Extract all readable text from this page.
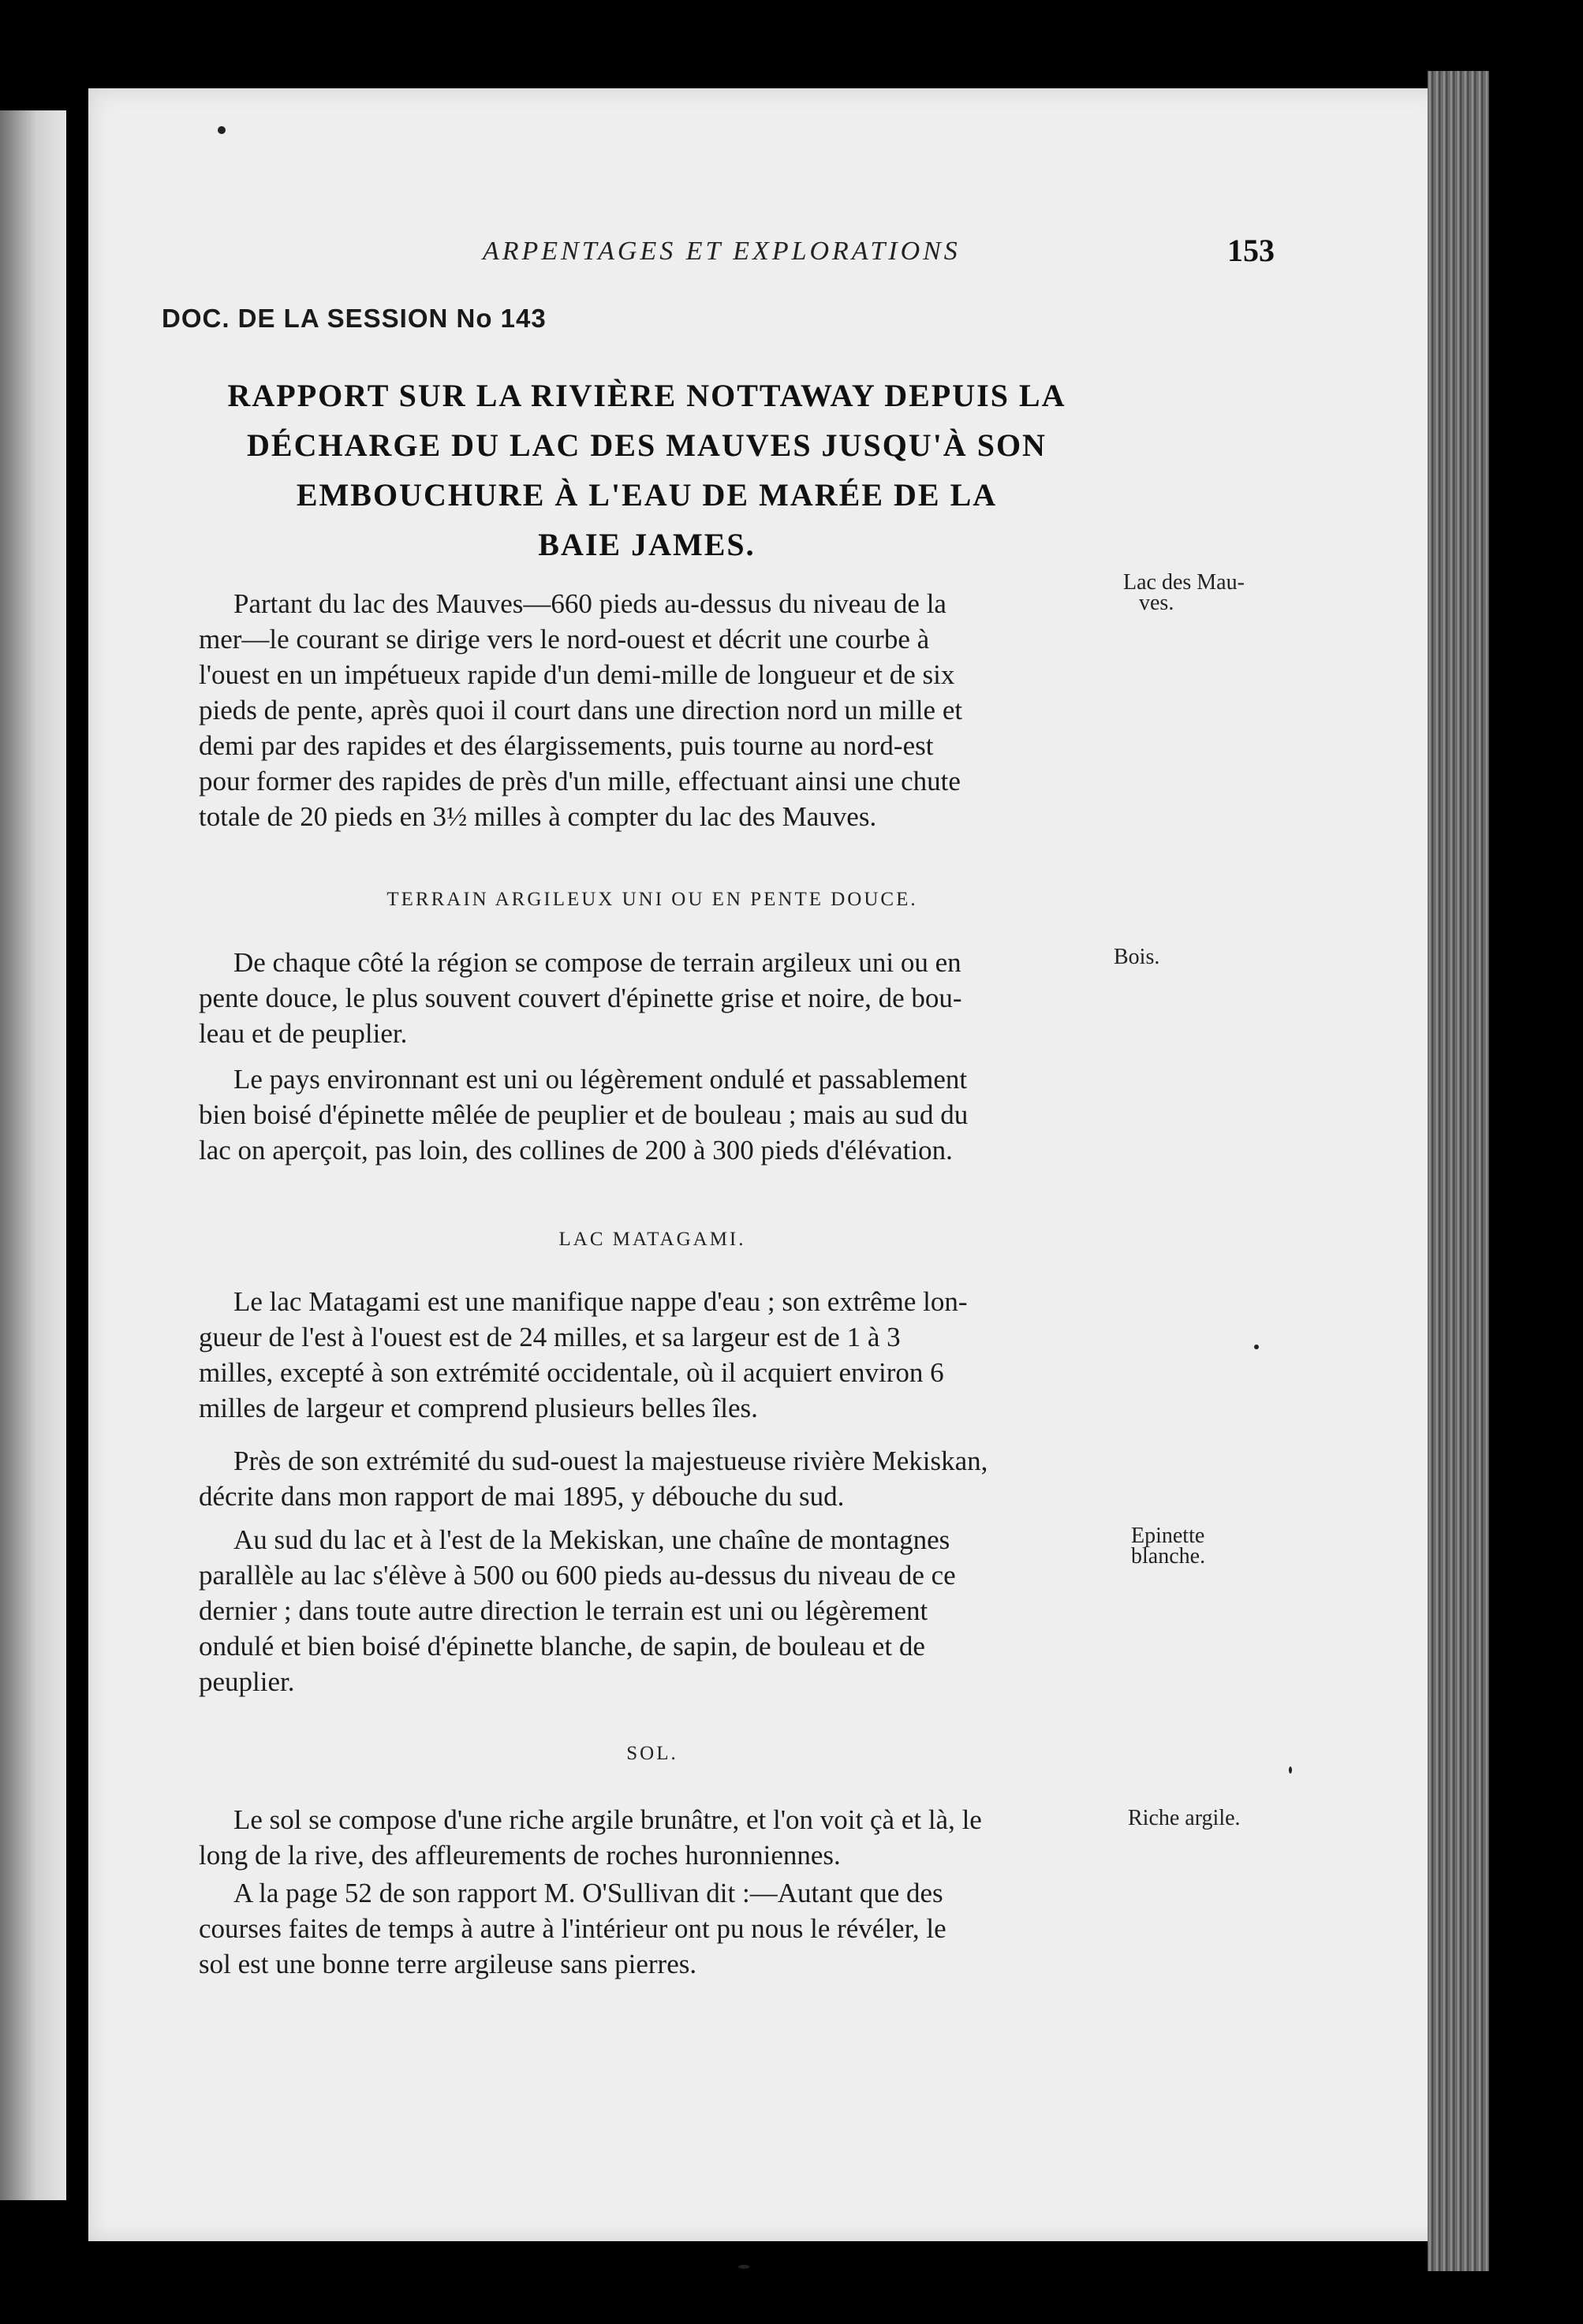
ARPENTAGES ET EXPLORATIONS	153
DOC. DE LA SESSION No 143
RAPPORT SUR LA RIVIÈRE NOTTAWAY DEPUIS LA
DÉCHARGE DU LAC DES MAUVES JUSQU'À SON
EMBOUCHURE À L'EAU DE MARÉE DE LA
BAIE JAMES.
Partant du lac des Mauves—660 pieds au-dessus du niveau de la
mer—le courant se dirige vers le nord-ouest et décrit une courbe à
l'ouest en un impétueux rapide d'un demi-mille de longueur et de six
pieds de pente, après quoi il court dans une direction nord un mille et
demi par des rapides et des élargissements, puis tourne au nord-est
pour former des rapides de près d'un mille, effectuant ainsi une chute
totale de 20 pieds en 3½ milles à compter du lac des Mauves.
Lac des Mau-
ves.
TERRAIN ARGILEUX UNI OU EN PENTE DOUCE.
De chaque côté la région se compose de terrain argileux uni ou en
pente douce, le plus souvent couvert d'épinette grise et noire, de bou-
leau et de peuplier.
Bois.
Le pays environnant est uni ou légèrement ondulé et passablement
bien boisé d'épinette mêlée de peuplier et de bouleau ; mais au sud du
lac on aperçoit, pas loin, des collines de 200 à 300 pieds d'élévation.
LAC MATAGAMI.
Le lac Matagami est une manifique nappe d'eau ; son extrême lon-
gueur de l'est à l'ouest est de 24 milles, et sa largeur est de 1 à 3
milles, excepté à son extrémité occidentale, où il acquiert environ 6
milles de largeur et comprend plusieurs belles îles.
Près de son extrémité du sud-ouest la majestueuse rivière Mekiskan,
décrite dans mon rapport de mai 1895, y débouche du sud.
Au sud du lac et à l'est de la Mekiskan, une chaîne de montagnes
parallèle au lac s'élève à 500 ou 600 pieds au-dessus du niveau de ce
dernier ; dans toute autre direction le terrain est uni ou légèrement
ondulé et bien boisé d'épinette blanche, de sapin, de bouleau et de
peuplier.
Epinette
blanche.
SOL.
Le sol se compose d'une riche argile brunâtre, et l'on voit çà et là, le
long de la rive, des affleurements de roches huronniennes.
Riche argile.
A la page 52 de son rapport M. O'Sullivan dit :—Autant que des
courses faites de temps à autre à l'intérieur ont pu nous le révéler, le
sol est une bonne terre argileuse sans pierres.
